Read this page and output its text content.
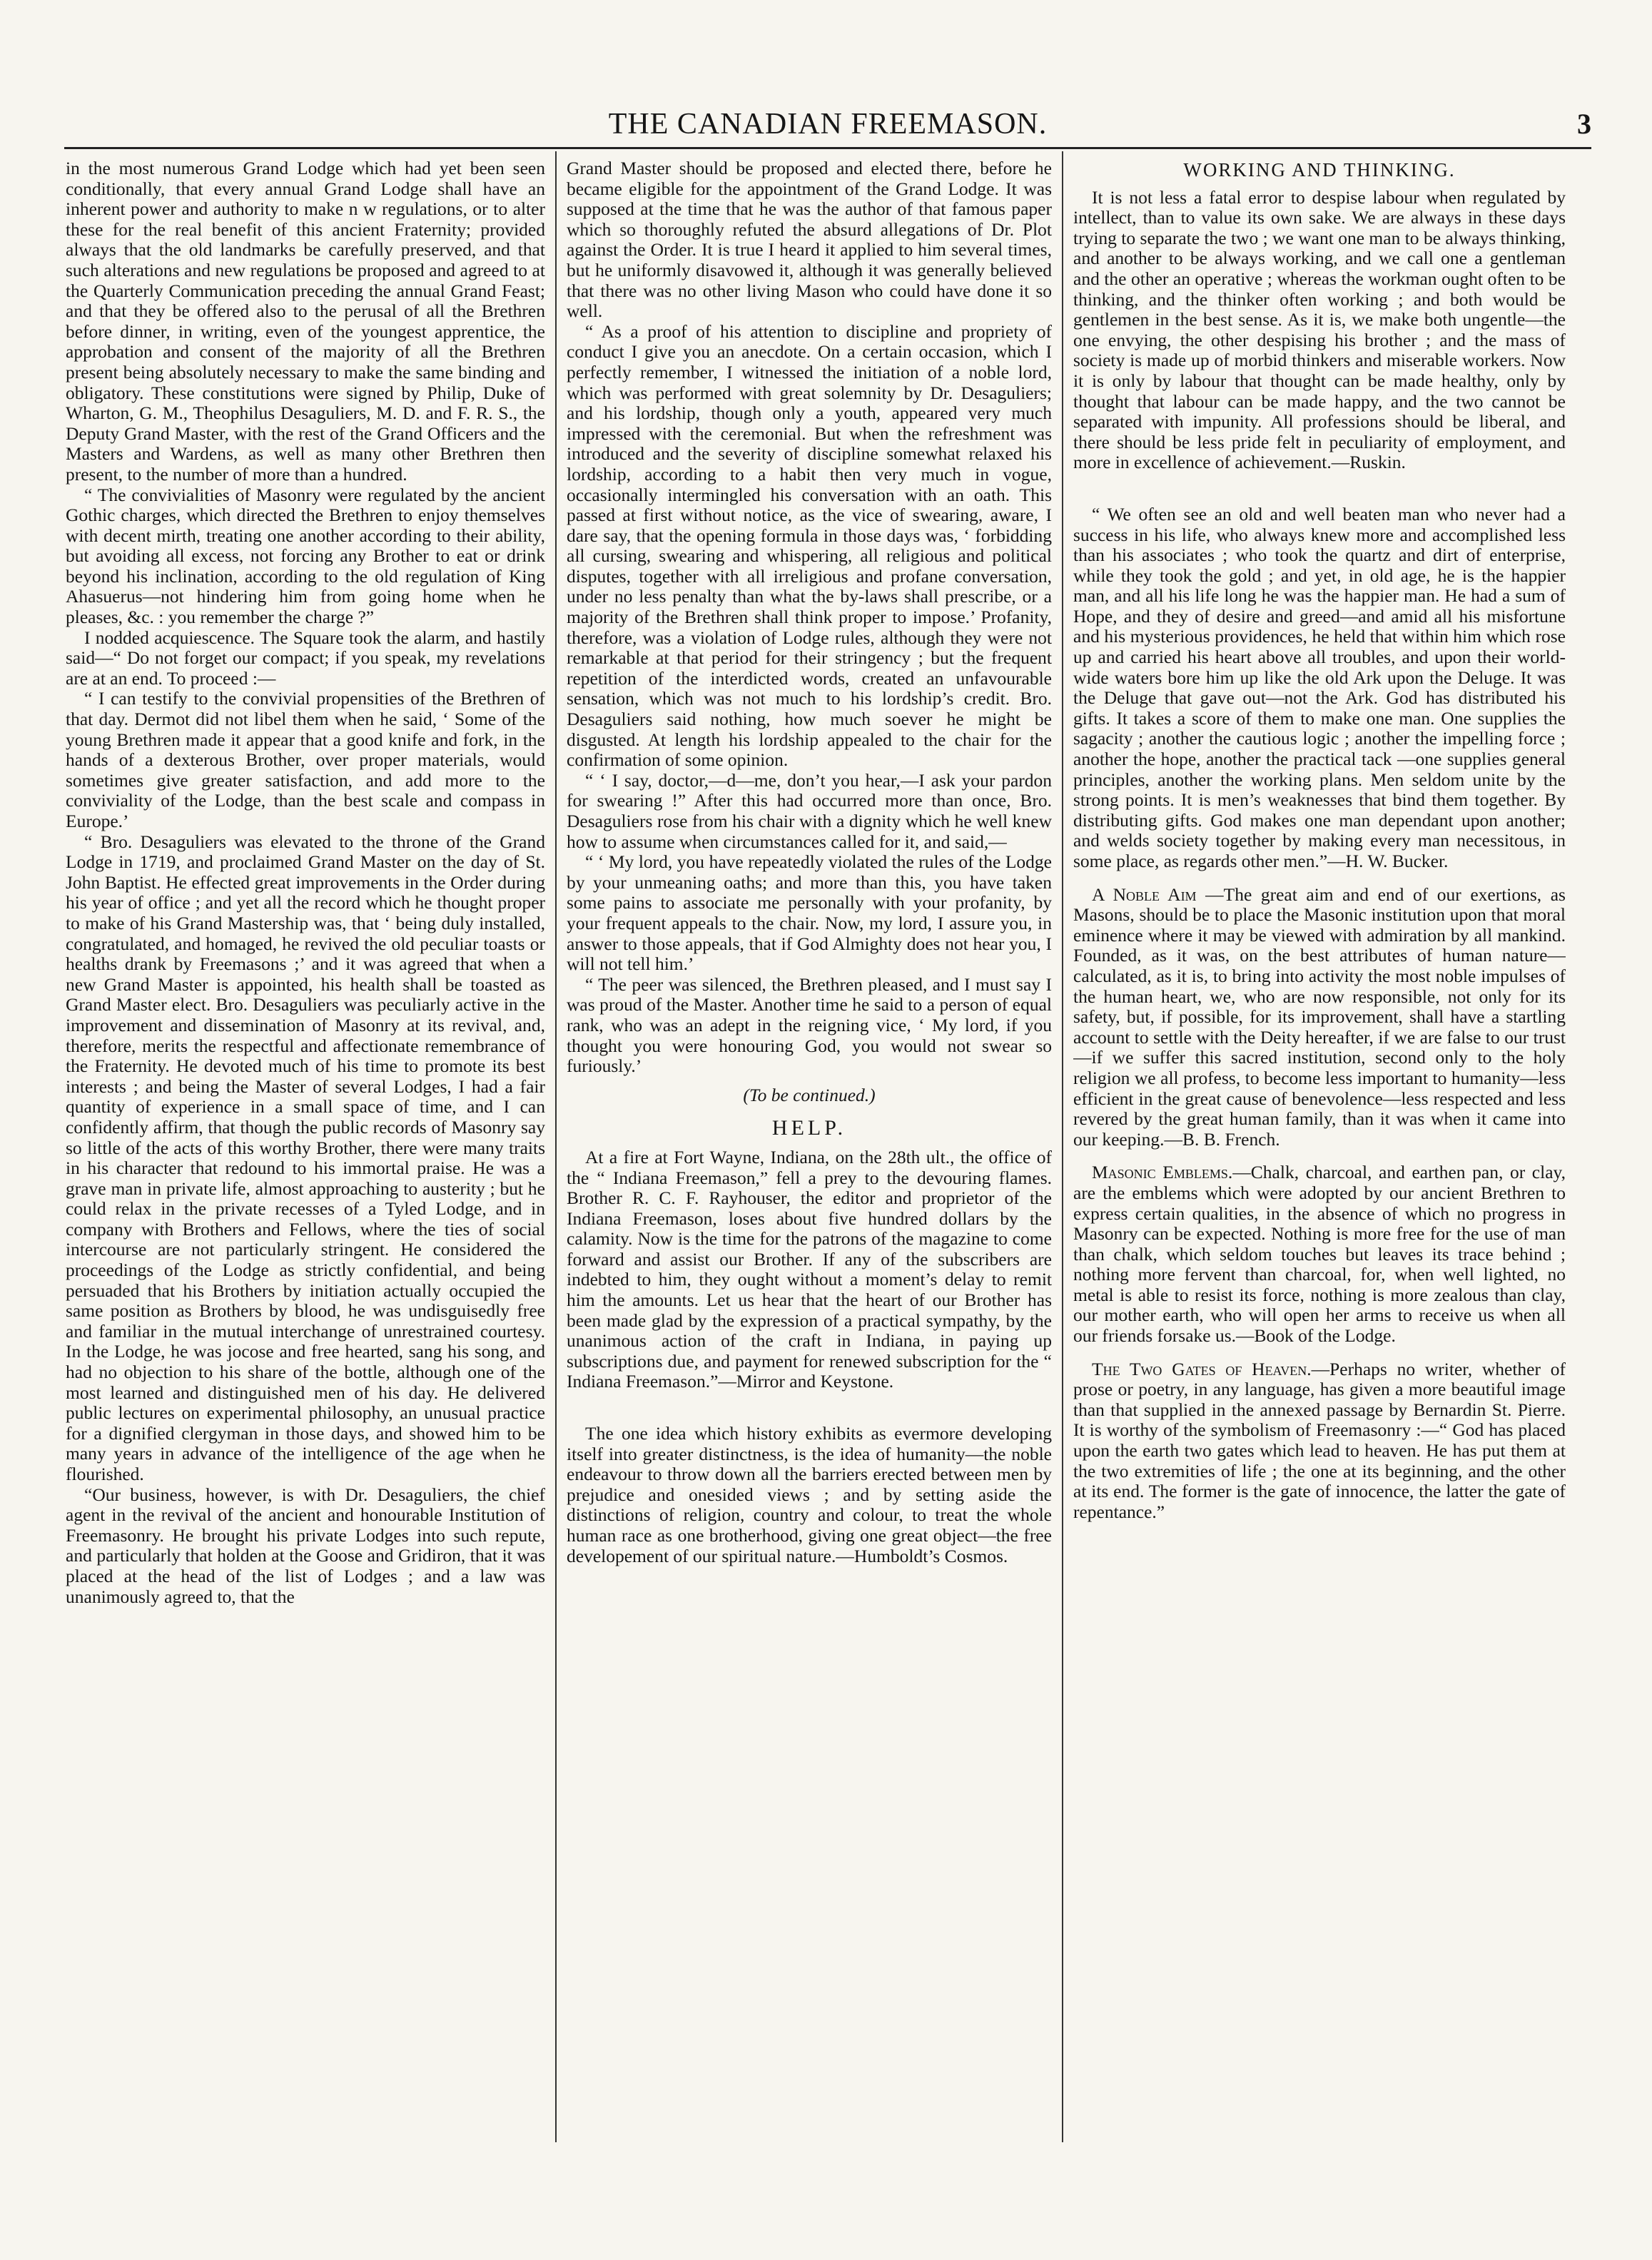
THE CANADIAN FREEMASON.	3

in the most numerous Grand Lodge which had yet been seen conditionally, that every annual Grand Lodge shall have an inherent power and authority to make n w regulations, or to alter these for the real benefit of this ancient Fraternity; provided always that the old landmarks be carefully preserved, and that such alterations and new regulations be proposed and agreed to at the Quarterly Communication preceding the annual Grand Feast; and that they be offered also to the perusal of all the Brethren before dinner, in writing, even of the youngest apprentice, the approbation and consent of the majority of all the Brethren present being absolutely necessary to make the same binding and obligatory. These constitutions were signed by Philip, Duke of Wharton, G. M., Theophilus Desaguliers, M. D. and F. R. S., the Deputy Grand Master, with the rest of the Grand Officers and the Masters and Wardens, as well as many other Brethren then present, to the number of more than a hundred.

“ The convivialities of Masonry were regulated by the ancient Gothic charges, which directed the Brethren to enjoy themselves with decent mirth, treating one another according to their ability, but avoiding all excess, not forcing any Brother to eat or drink beyond his inclination, according to the old regulation of King Ahasuerus—not hindering him from going home when he pleases, &c. : you remember the charge ?”

I nodded acquiescence. The Square took the alarm, and hastily said—“ Do not forget our compact; if you speak, my revelations are at an end. To proceed :—

“ I can testify to the convivial propensities of the Brethren of that day. Dermot did not libel them when he said, ‘ Some of the young Brethren made it appear that a good knife and fork, in the hands of a dexterous Brother, over proper materials, would sometimes give greater satisfaction, and add more to the conviviality of the Lodge, than the best scale and compass in Europe.’

“ Bro. Desaguliers was elevated to the throne of the Grand Lodge in 1719, and proclaimed Grand Master on the day of St. John Baptist. He effected great improvements in the Order during his year of office ; and yet all the record which he thought proper to make of his Grand Mastership was, that ‘ being duly installed, congratulated, and homaged, he revived the old peculiar toasts or healths drank by Freemasons ;’ and it was agreed that when a new Grand Master is appointed, his health shall be toasted as Grand Master elect. Bro. Desaguliers was peculiarly active in the improvement and dissemination of Masonry at its revival, and, therefore, merits the respectful and affectionate remembrance of the Fraternity. He devoted much of his time to promote its best interests ; and being the Master of several Lodges, I had a fair quantity of experience in a small space of time, and I can confidently affirm, that though the public records of Masonry say so little of the acts of this worthy Brother, there were many traits in his character that redound to his immortal praise. He was a grave man in private life, almost approaching to austerity ; but he could relax in the private recesses of a Tyled Lodge, and in company with Brothers and Fellows, where the ties of social intercourse are not particularly stringent. He considered the proceedings of the Lodge as strictly confidential, and being persuaded that his Brothers by initiation actually occupied the same position as Brothers by blood, he was undisguisedly free and familiar in the mutual interchange of unrestrained courtesy. In the Lodge, he was jocose and free hearted, sang his song, and had no objection to his share of the bottle, although one of the most learned and distinguished men of his day. He delivered public lectures on experimental philosophy, an unusual practice for a dignified clergyman in those days, and showed him to be many years in advance of the intelligence of the age when he flourished.

“Our business, however, is with Dr. Desaguliers, the chief agent in the revival of the ancient and honourable Institution of Freemasonry. He brought his private Lodges into such repute, and particularly that holden at the Goose and Gridiron, that it was placed at the head of the list of Lodges ; and a law was unanimously agreed to, that the

Grand Master should be proposed and elected there, before he became eligible for the appointment of the Grand Lodge. It was supposed at the time that he was the author of that famous paper which so thoroughly refuted the absurd allegations of Dr. Plot against the Order. It is true I heard it applied to him several times, but he uniformly disavowed it, although it was generally believed that there was no other living Mason who could have done it so well.

“ As a proof of his attention to discipline and propriety of conduct I give you an anecdote. On a certain occasion, which I perfectly remember, I witnessed the initiation of a noble lord, which was performed with great solemnity by Dr. Desaguliers; and his lordship, though only a youth, appeared very much impressed with the ceremonial. But when the refreshment was introduced and the severity of discipline somewhat relaxed his lordship, according to a habit then very much in vogue, occasionally intermingled his conversation with an oath. This passed at first without notice, as the vice of swearing, aware, I dare say, that the opening formula in those days was, ‘ forbidding all cursing, swearing and whispering, all religious and political disputes, together with all irreligious and profane conversation, under no less penalty than what the by-laws shall prescribe, or a majority of the Brethren shall think proper to impose.’ Profanity, therefore, was a violation of Lodge rules, although they were not remarkable at that period for their stringency ; but the frequent repetition of the interdicted words, created an unfavourable sensation, which was not much to his lordship’s credit. Bro. Desaguliers said nothing, how much soever he might be disgusted. At length his lordship appealed to the chair for the confirmation of some opinion.

“ ‘ I say, doctor,—d—me, don’t you hear,—I ask your pardon for swearing !” After this had occurred more than once, Bro. Desaguliers rose from his chair with a dignity which he well knew how to assume when circumstances called for it, and said,—

“ ‘ My lord, you have repeatedly violated the rules of the Lodge by your unmeaning oaths; and more than this, you have taken some pains to associate me personally with your profanity, by your frequent appeals to the chair. Now, my lord, I assure you, in answer to those appeals, that if God Almighty does not hear you, I will not tell him.’

“ The peer was silenced, the Brethren pleased, and I must say I was proud of the Master. Another time he said to a person of equal rank, who was an adept in the reigning vice, ‘ My lord, if you thought you were honouring God, you would not swear so furiously.’

(To be continued.)
HELP.

At a fire at Fort Wayne, Indiana, on the 28th ult., the office of the “ Indiana Freemason,” fell a prey to the devouring flames. Brother R. C. F. Rayhouser, the editor and proprietor of the Indiana Freemason, loses about five hundred dollars by the calamity. Now is the time for the patrons of the magazine to come forward and assist our Brother. If any of the subscribers are indebted to him, they ought without a moment’s delay to remit him the amounts. Let us hear that the heart of our Brother has been made glad by the expression of a practical sympathy, by the unanimous action of the craft in Indiana, in paying up subscriptions due, and payment for renewed subscription for the “ Indiana Freemason.”—Mirror and Keystone.

The one idea which history exhibits as evermore developing itself into greater distinctness, is the idea of humanity—the noble endeavour to throw down all the barriers erected between men by prejudice and onesided views ; and by setting aside the distinctions of religion, country and colour, to treat the whole human race as one brotherhood, giving one great object—the free developement of our spiritual nature.—Humboldt’s Cosmos.

WORKING AND THINKING.

It is not less a fatal error to despise labour when regulated by intellect, than to value its own sake. We are always in these days trying to separate the two ; we want one man to be always thinking, and another to be always working, and we call one a gentleman and the other an operative ; whereas the workman ought often to be thinking, and the thinker often working ; and both would be gentlemen in the best sense. As it is, we make both ungentle—the one envying, the other despising his brother ; and the mass of society is made up of morbid thinkers and miserable workers. Now it is only by labour that thought can be made healthy, only by thought that labour can be made happy, and the two cannot be separated with impunity. All professions should be liberal, and there should be less pride felt in peculiarity of employment, and more in excellence of achievement.—Ruskin.

“ We often see an old and well beaten man who never had a success in his life, who always knew more and accomplished less than his associates ; who took the quartz and dirt of enterprise, while they took the gold ; and yet, in old age, he is the happier man, and all his life long he was the happier man. He had a sum of Hope, and they of desire and greed—and amid all his misfortune and his mysterious providences, he held that within him which rose up and carried his heart above all troubles, and upon their world-wide waters bore him up like the old Ark upon the Deluge. It was the Deluge that gave out—not the Ark. God has distributed his gifts. It takes a score of them to make one man. One supplies the sagacity ; another the cautious logic ; another the impelling force ; another the hope, another the practical tack —one supplies general principles, another the working plans. Men seldom unite by the strong points. It is men’s weaknesses that bind them together. By distributing gifts. God makes one man dependant upon another; and welds society together by making every man necessitous, in some place, as regards other men.”—H. W. Bucker.

A Noble Aim —The great aim and end of our exertions, as Masons, should be to place the Masonic institution upon that moral eminence where it may be viewed with admiration by all mankind. Founded, as it was, on the best attributes of human nature—calculated, as it is, to bring into activity the most noble impulses of the human heart, we, who are now responsible, not only for its safety, but, if possible, for its improvement, shall have a startling account to settle with the Deity hereafter, if we are false to our trust—if we suffer this sacred institution, second only to the holy religion we all profess, to become less important to humanity—less efficient in the great cause of benevolence—less respected and less revered by the great human family, than it was when it came into our keeping.—B. B. French.

Masonic Emblems.—Chalk, charcoal, and earthen pan, or clay, are the emblems which were adopted by our ancient Brethren to express certain qualities, in the absence of which no progress in Masonry can be expected. Nothing is more free for the use of man than chalk, which seldom touches but leaves its trace behind ; nothing more fervent than charcoal, for, when well lighted, no metal is able to resist its force, nothing is more zealous than clay, our mother earth, who will open her arms to receive us when all our friends forsake us.—Book of the Lodge.

The Two Gates of Heaven.—Perhaps no writer, whether of prose or poetry, in any language, has given a more beautiful image than that supplied in the annexed passage by Bernardin St. Pierre. It is worthy of the symbolism of Freemasonry :—“ God has placed upon the earth two gates which lead to heaven. He has put them at the two extremities of life ; the one at its beginning, and the other at its end. The former is the gate of innocence, the latter the gate of repentance.”
